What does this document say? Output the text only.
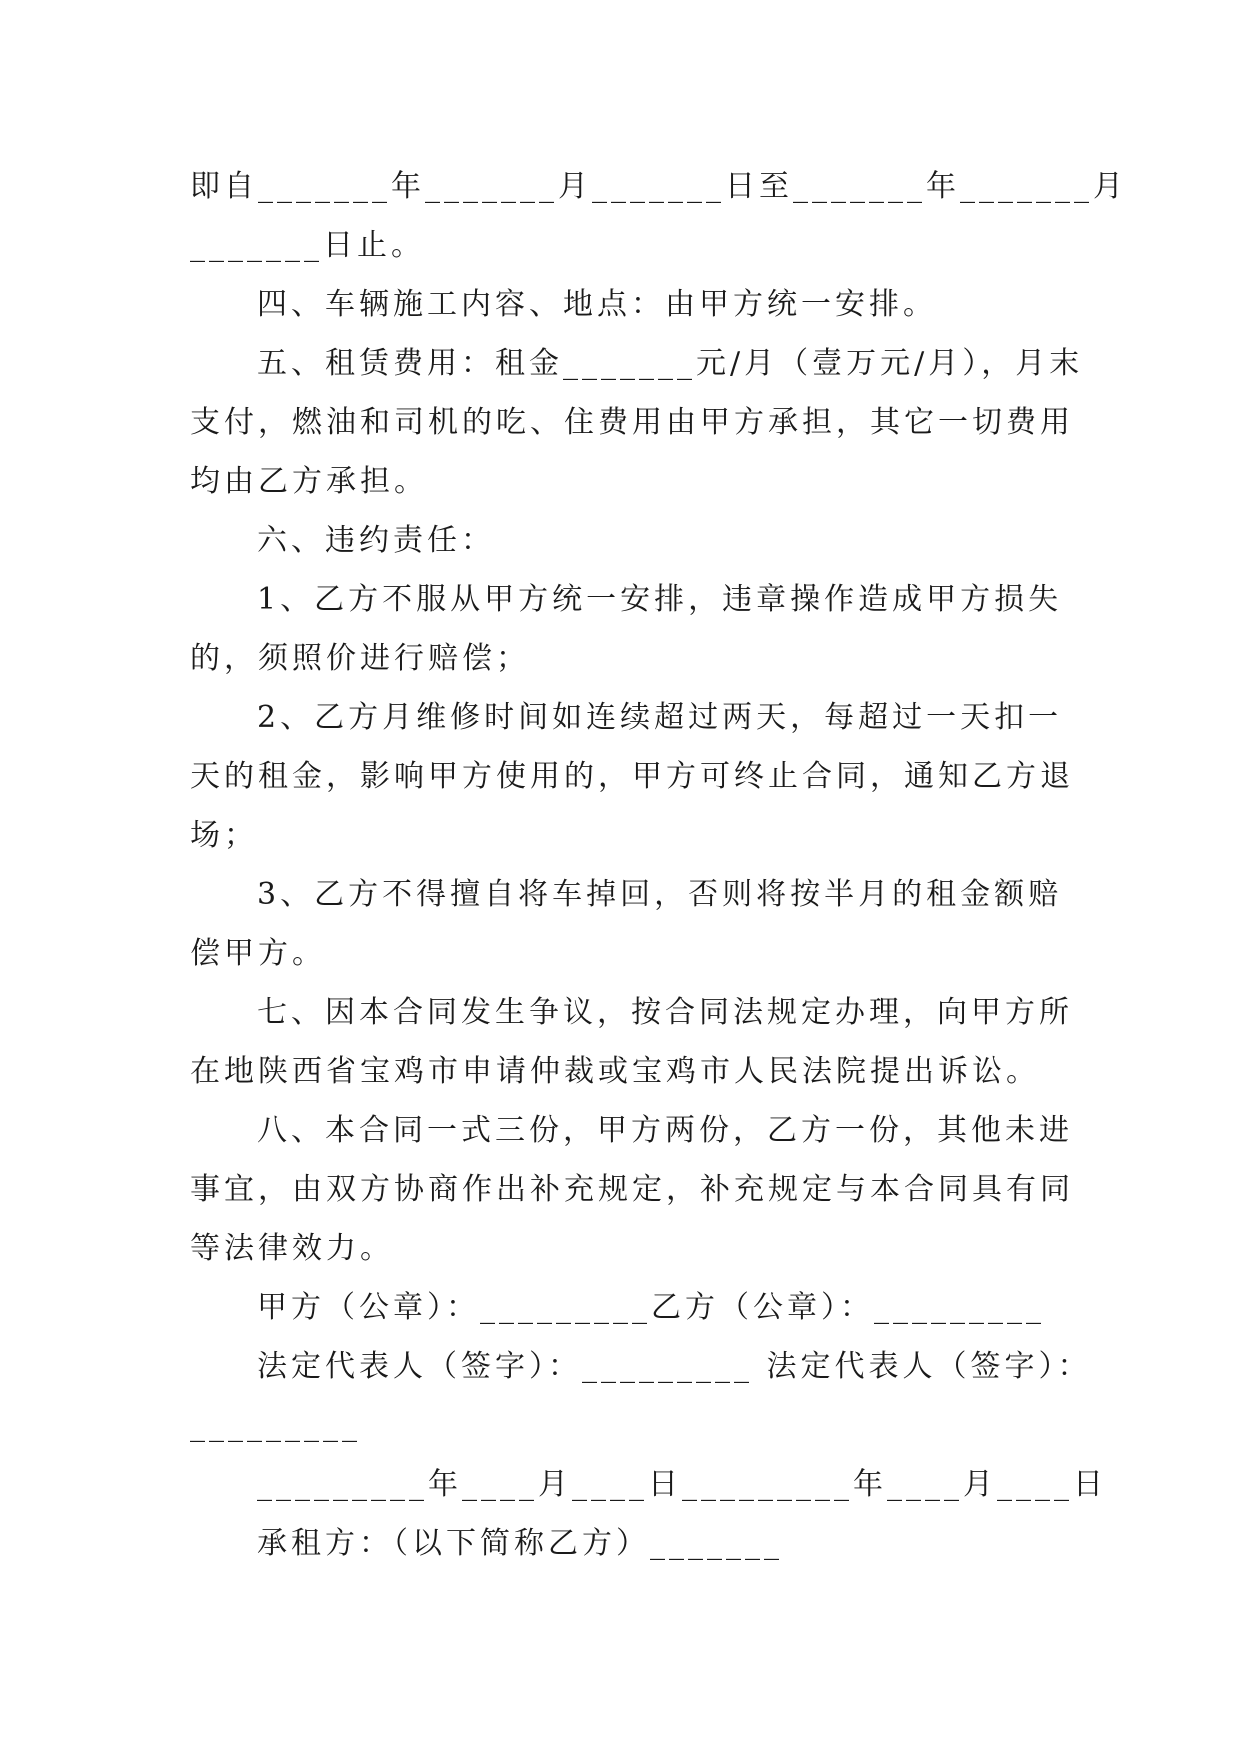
即自_______年_______月_______日至_______年_______月
_______日止。
四、车辆施工内容、地点：由甲方统一安排。
五、租赁费用：租金_______元/月（壹万元/月），月末
支付，燃油和司机的吃、住费用由甲方承担，其它一切费用
均由乙方承担。
六、违约责任：
1、乙方不服从甲方统一安排，违章操作造成甲方损失
的，须照价进行赔偿；
2、乙方月维修时间如连续超过两天，每超过一天扣一
天的租金，影响甲方使用的，甲方可终止合同，通知乙方退
场；
3、乙方不得擅自将车掉回，否则将按半月的租金额赔
偿甲方。
七、因本合同发生争议，按合同法规定办理，向甲方所
在地陕西省宝鸡市申请仲裁或宝鸡市人民法院提出诉讼。
八、本合同一式三份，甲方两份，乙方一份，其他未进
事宜，由双方协商作出补充规定，补充规定与本合同具有同
等法律效力。
甲方（公章）：_________乙方（公章）：_________
法定代表人（签字）：_________ 法定代表人（签字）：
_________
_________年____月____日_________年____月____日
承租方：（以下简称乙方）_______
